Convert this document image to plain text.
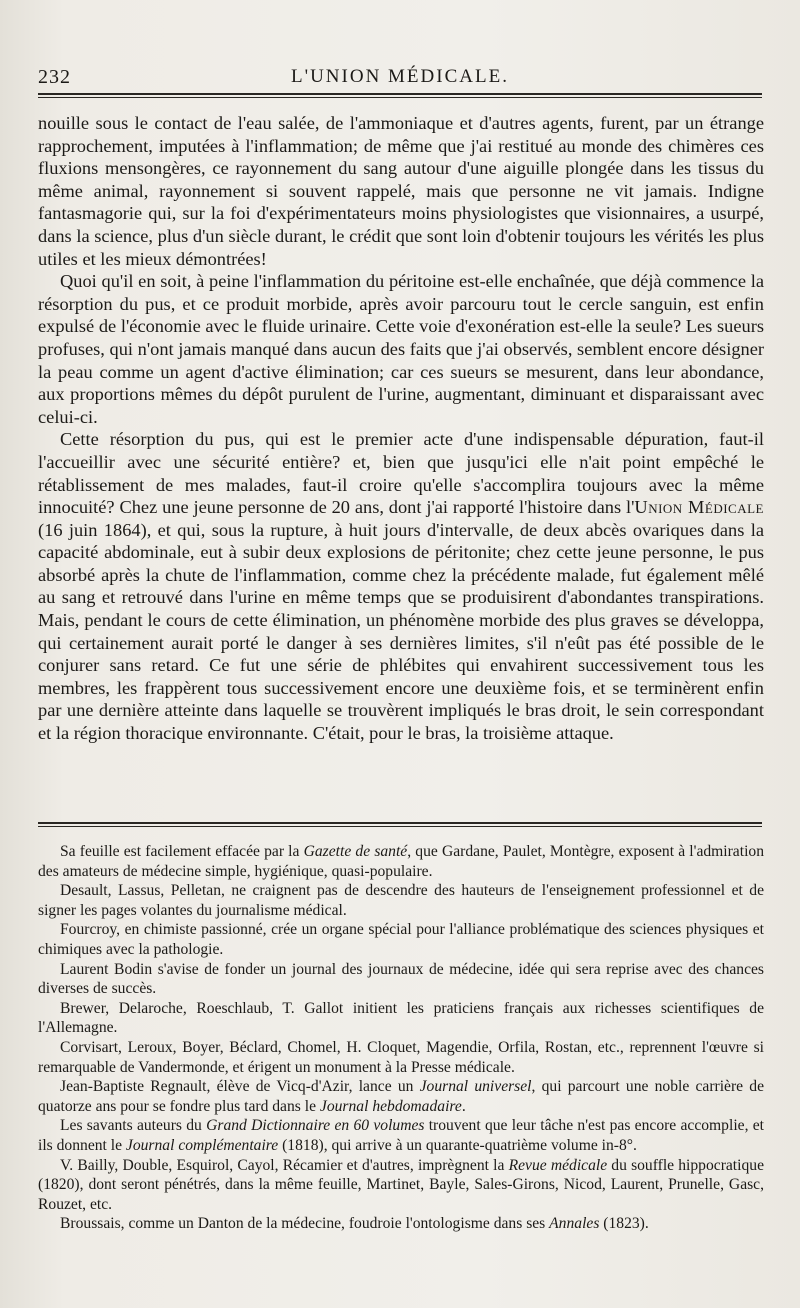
232	L'UNION MÉDICALE.

nouille sous le contact de l'eau salée, de l'ammoniaque et d'autres agents, furent, par un étrange rapprochement, imputées à l'inflammation; de même que j'ai restitué au monde des chimères ces fluxions mensongères, ce rayonnement du sang autour d'une aiguille plongée dans les tissus du même animal, rayonnement si souvent rappelé, mais que personne ne vit jamais. Indigne fantasmagorie qui, sur la foi d'expérimentateurs moins physiologistes que visionnaires, a usurpé, dans la science, plus d'un siècle durant, le crédit que sont loin d'obtenir toujours les vérités les plus utiles et les mieux démontrées!

Quoi qu'il en soit, à peine l'inflammation du péritoine est-elle enchaînée, que déjà commence la résorption du pus, et ce produit morbide, après avoir parcouru tout le cercle sanguin, est enfin expulsé de l'économie avec le fluide urinaire. Cette voie d'exonération est-elle la seule? Les sueurs profuses, qui n'ont jamais manqué dans aucun des faits que j'ai observés, semblent encore désigner la peau comme un agent d'active élimination; car ces sueurs se mesurent, dans leur abondance, aux proportions mêmes du dépôt purulent de l'urine, augmentant, diminuant et disparaissant avec celui-ci.

Cette résorption du pus, qui est le premier acte d'une indispensable dépuration, faut-il l'accueillir avec une sécurité entière? et, bien que jusqu'ici elle n'ait point empêché le rétablissement de mes malades, faut-il croire qu'elle s'accomplira toujours avec la même innocuité? Chez une jeune personne de 20 ans, dont j'ai rapporté l'histoire dans l'Union Médicale (16 juin 1864), et qui, sous la rupture, à huit jours d'intervalle, de deux abcès ovariques dans la capacité abdominale, eut à subir deux explosions de péritonite; chez cette jeune personne, le pus absorbé après la chute de l'inflammation, comme chez la précédente malade, fut également mêlé au sang et retrouvé dans l'urine en même temps que se produisirent d'abondantes transpirations. Mais, pendant le cours de cette élimination, un phénomène morbide des plus graves se développa, qui certainement aurait porté le danger à ses dernières limites, s'il n'eût pas été possible de le conjurer sans retard. Ce fut une série de phlébites qui envahirent successivement tous les membres, les frappèrent tous successivement encore une deuxième fois, et se terminèrent enfin par une dernière atteinte dans laquelle se trouvèrent impliqués le bras droit, le sein correspondant et la région thoracique environnante. C'était, pour le bras, la troisième attaque.

Sa feuille est facilement effacée par la Gazette de santé, que Gardane, Paulet, Montègre, exposent à l'admiration des amateurs de médecine simple, hygiénique, quasi-populaire.

Desault, Lassus, Pelletan, ne craignent pas de descendre des hauteurs de l'enseignement professionnel et de signer les pages volantes du journalisme médical.

Fourcroy, en chimiste passionné, crée un organe spécial pour l'alliance problématique des sciences physiques et chimiques avec la pathologie.

Laurent Bodin s'avise de fonder un journal des journaux de médecine, idée qui sera reprise avec des chances diverses de succès.

Brewer, Delaroche, Roeschlaub, T. Gallot initient les praticiens français aux richesses scientifiques de l'Allemagne.

Corvisart, Leroux, Boyer, Béclard, Chomel, H. Cloquet, Magendie, Orfila, Rostan, etc., reprennent l'œuvre si remarquable de Vandermonde, et érigent un monument à la Presse médicale.

Jean-Baptiste Regnault, élève de Vicq-d'Azir, lance un Journal universel, qui parcourt une noble carrière de quatorze ans pour se fondre plus tard dans le Journal hebdomadaire.

Les savants auteurs du Grand Dictionnaire en 60 volumes trouvent que leur tâche n'est pas encore accomplie, et ils donnent le Journal complémentaire (1818), qui arrive à un quarante-quatrième volume in-8°.

V. Bailly, Double, Esquirol, Cayol, Récamier et d'autres, imprègnent la Revue médicale du souffle hippocratique (1820), dont seront pénétrés, dans la même feuille, Martinet, Bayle, Sales-Girons, Nicod, Laurent, Prunelle, Gasc, Rouzet, etc.

Broussais, comme un Danton de la médecine, foudroie l'ontologisme dans ses Annales (1823).
